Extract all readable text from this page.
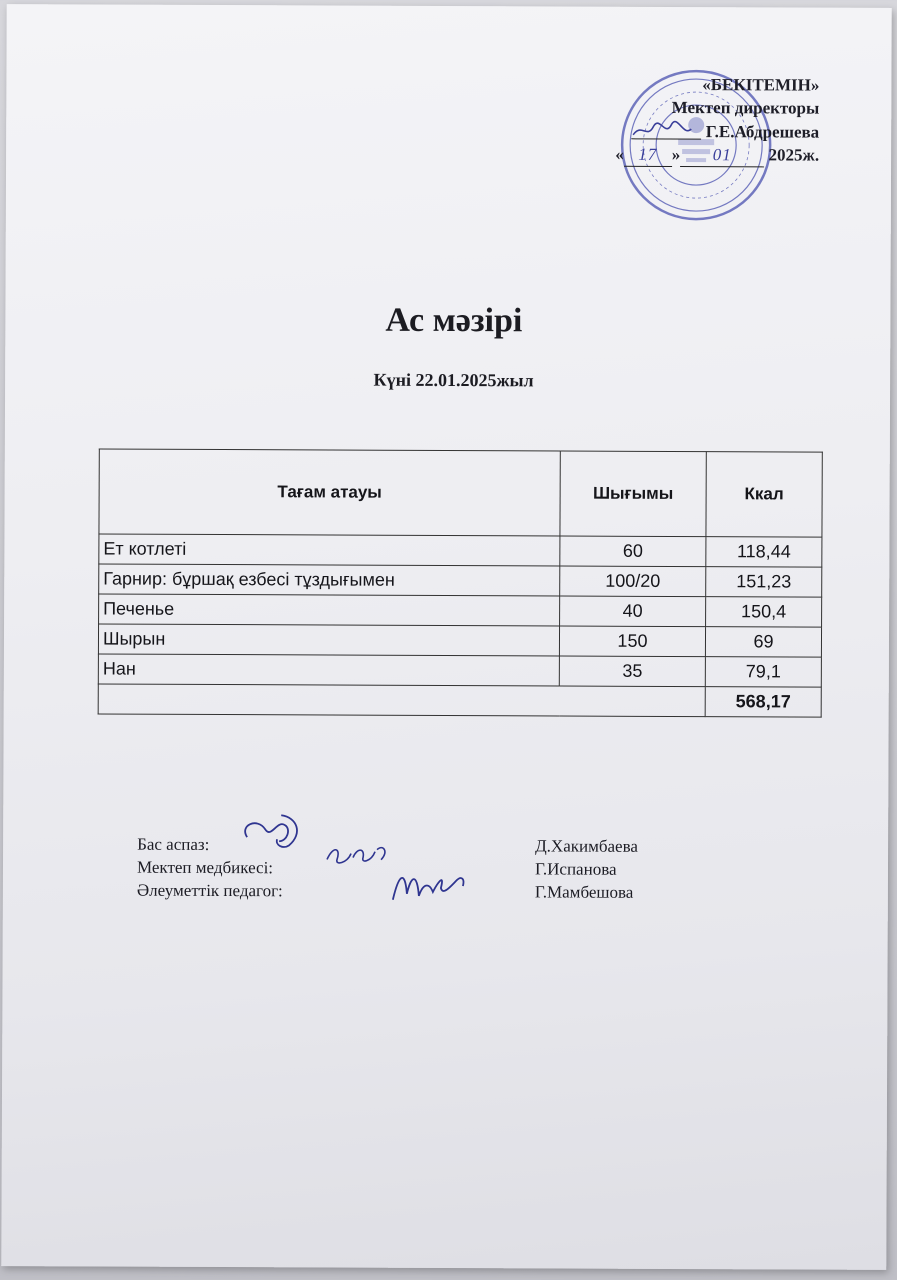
«БЕКІТЕМІН»
Мектеп директоры
Г.Е.Абдрешева
« 17 » 01 2025ж.
Ас мәзірі
Күні 22.01.2025жыл
Тағам атауы	Шығымы	Ккал
Ет котлеті	60	118,44
Гарнир: бұршақ езбесі тұздығымен	100/20	151,23
Печенье	40	150,4
Шырын	150	69
Нан	35	79,1
		568,17
Бас аспаз:	Д.Хакимбаева
Мектеп медбикесі:	Г.Испанова
Әлеуметтік педагог:	Г.Мамбешова
